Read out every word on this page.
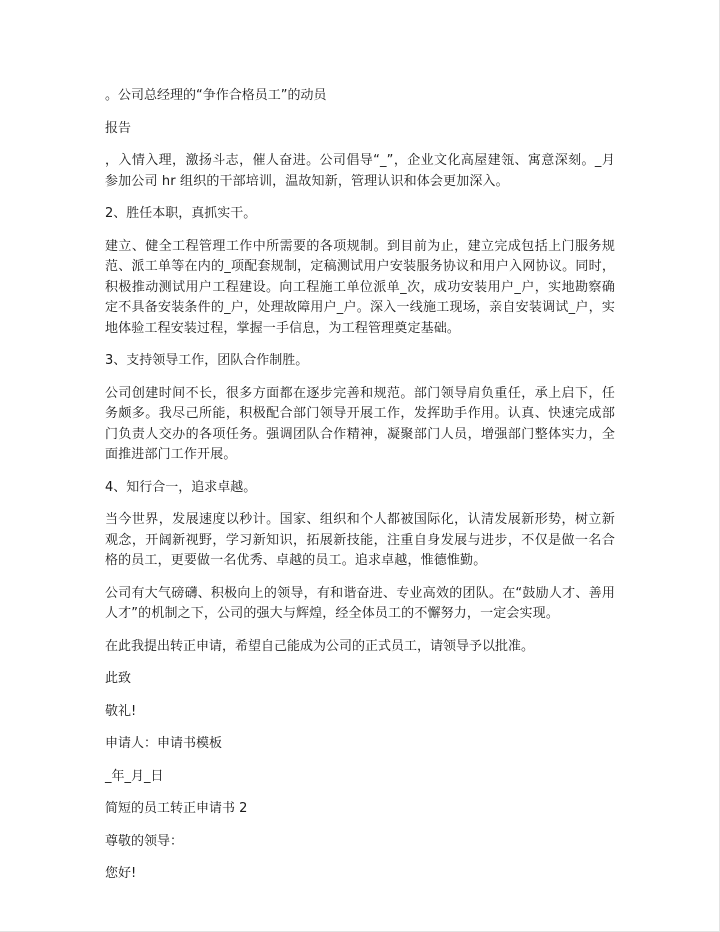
。公司总经理的“争作合格员工”的动员

报告

，入情入理，激扬斗志，催人奋进。公司倡导“_”，企业文化高屋建瓴、寓意深刻。_月参加公司 hr 组织的干部培训，温故知新，管理认识和体会更加深入。

2、胜任本职，真抓实干。

建立、健全工程管理工作中所需要的各项规制。到目前为止，建立完成包括上门服务规范、派工单等在内的_项配套规制，定稿测试用户安装服务协议和用户入网协议。同时，积极推动测试用户工程建设。向工程施工单位派单_次，成功安装用户_户，实地勘察确定不具备安装条件的_户，处理故障用户_户。深入一线施工现场，亲自安装调试_户，实地体验工程安装过程，掌握一手信息，为工程管理奠定基础。

3、支持领导工作，团队合作制胜。

公司创建时间不长，很多方面都在逐步完善和规范。部门领导肩负重任，承上启下，任务颇多。我尽己所能，积极配合部门领导开展工作，发挥助手作用。认真、快速完成部门负责人交办的各项任务。强调团队合作精神，凝聚部门人员，增强部门整体实力，全面推进部门工作开展。

4、知行合一，追求卓越。

当今世界，发展速度以秒计。国家、组织和个人都被国际化，认清发展新形势，树立新观念，开阔新视野，学习新知识，拓展新技能，注重自身发展与进步，不仅是做一名合格的员工，更要做一名优秀、卓越的员工。追求卓越，惟德惟勤。

公司有大气磅礴、积极向上的领导，有和谐奋进、专业高效的团队。在“鼓励人才、善用人才”的机制之下，公司的强大与辉煌，经全体员工的不懈努力，一定会实现。

在此我提出转正申请，希望自己能成为公司的正式员工，请领导予以批准。

此致

敬礼!

申请人：申请书模板

_年_月_日

简短的员工转正申请书 2

尊敬的领导：

您好!
